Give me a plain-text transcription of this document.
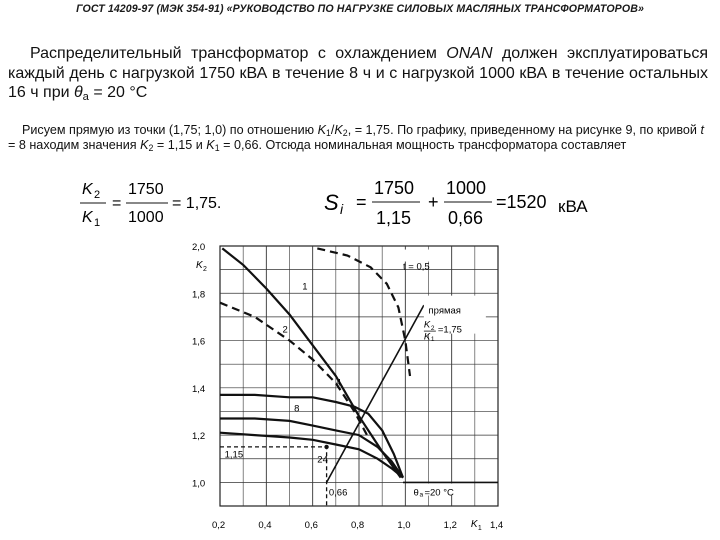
ГОСТ 14209-97 (МЭК 354-91) «РУКОВОДСТВО ПО НАГРУЗКЕ СИЛОВЫХ МАСЛЯНЫХ ТРАНСФОРМАТОРОВ»
Распределительный трансформатор с охлаждением ONAN должен эксплуатироваться каждый день с нагрузкой 1750 кВА в течение 8 ч и с нагрузкой 1000 кВА в течение остальных 16 ч при $\theta_а = 20$ °С
Рисуем прямую из точки (1,75; 1,0) по отношению $K_1/K_2$, = 1,75. По графику, приведенному на рисунке 9, по кривой t = 8 находим значения $K_2 = 1,15$ и $K_1 = 0,66$. Отсюда номинальная мощность трансформатора составляет
K 2
K 1
=
1750
1000
= 1,75.	S i =
1750
1,15
+
1000
0,66
=1520 кВА
0,2	0,4	0,6	0,8	1,0	1,2	1,4
2,0
1,8
1,6
1,4
1,2
1,0
K 2
K 1
t = 0,5
1
2
4
8
24
1,15
0,66
прямая
K 2 =1,75
K 1
θ а =20 °C
